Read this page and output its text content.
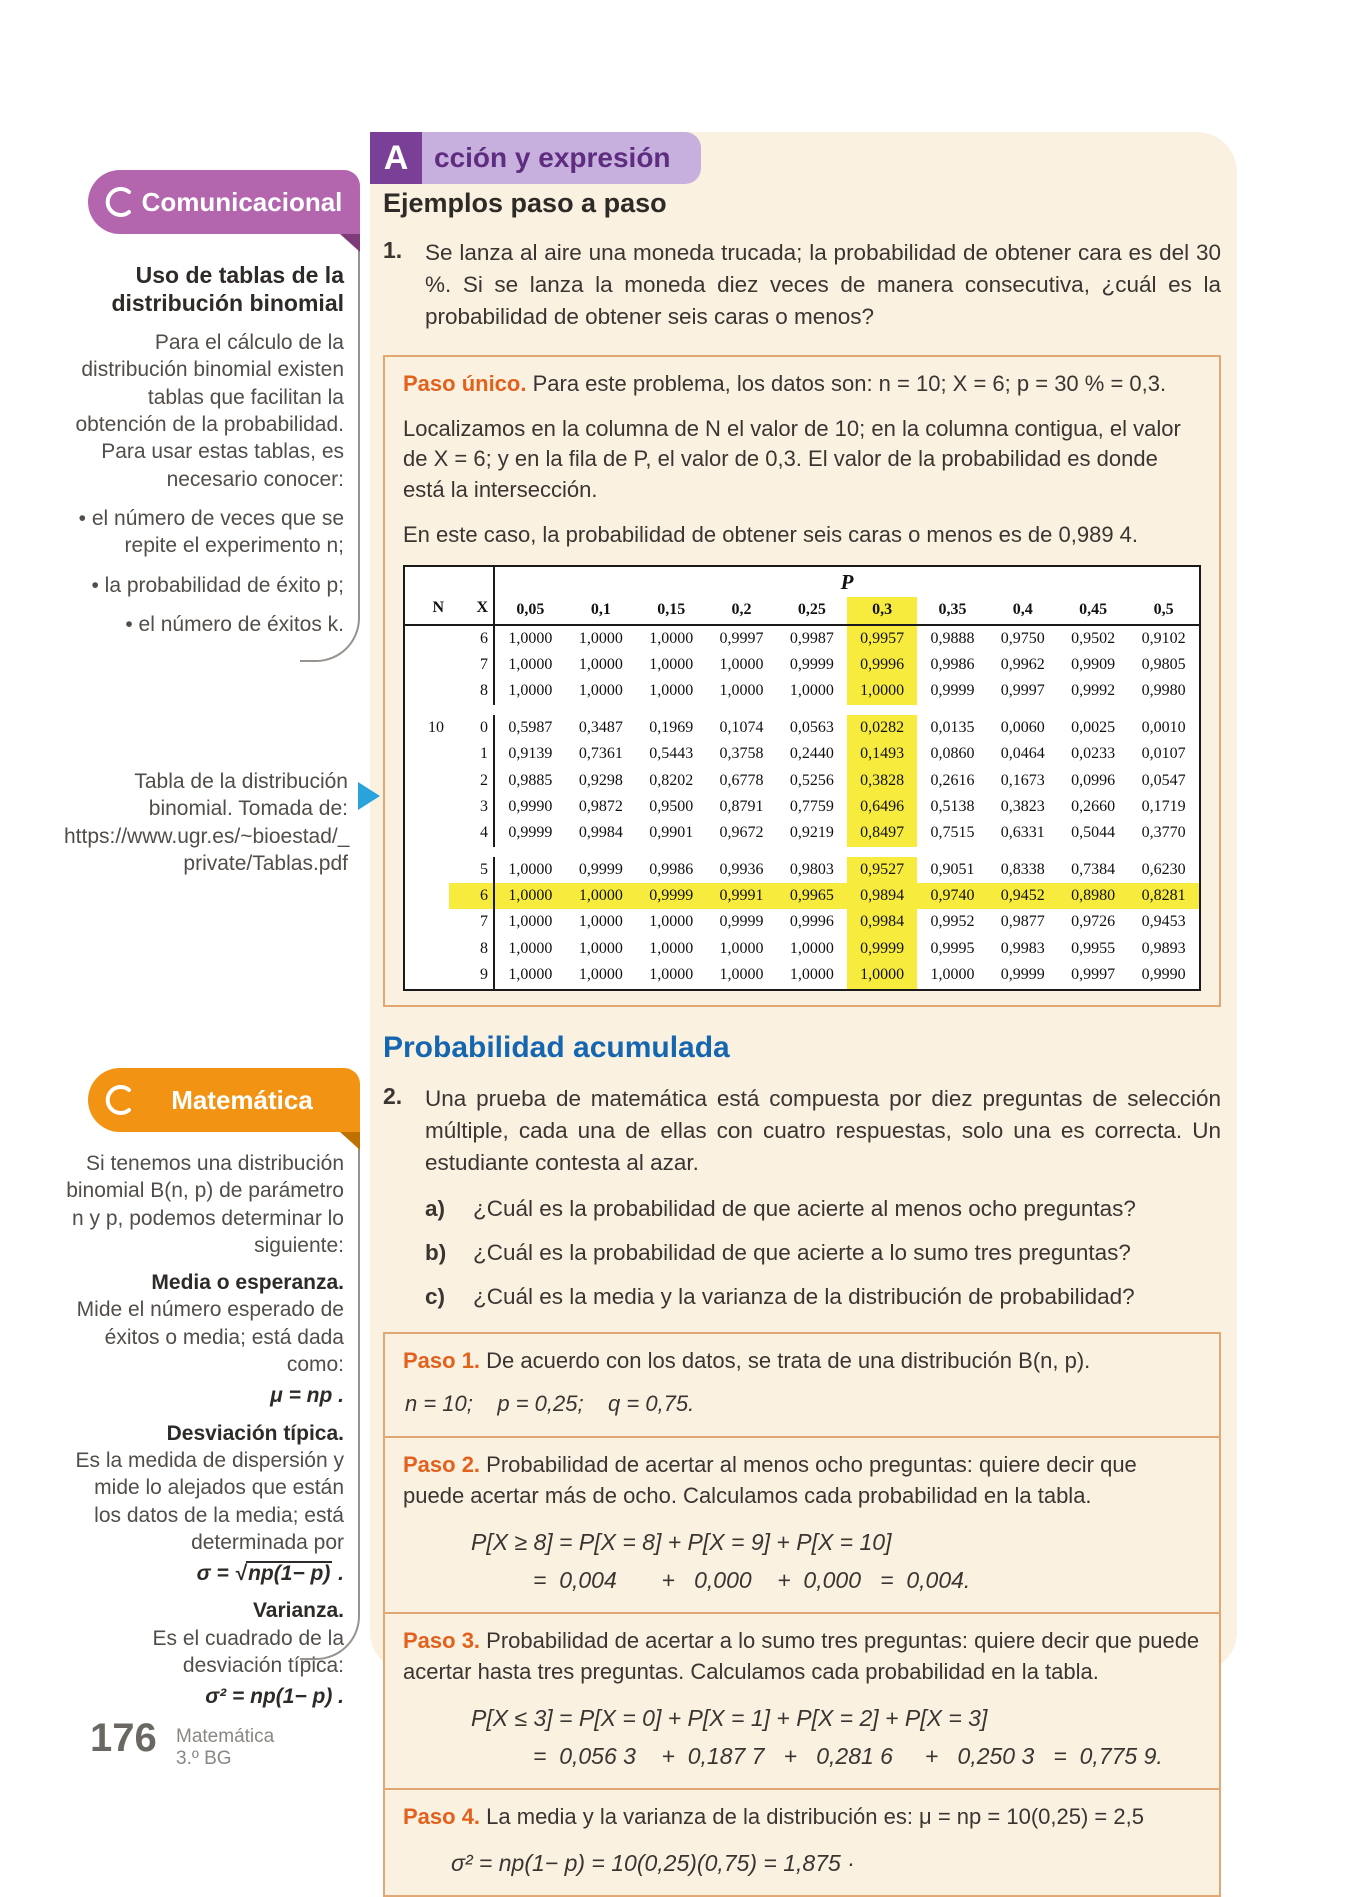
A cción y expresión
Comunicacional
Uso de tablas de la distribución binomial
Para el cálculo de la distribución binomial existen tablas que facilitan la obtención de la probabilidad. Para usar estas tablas, es necesario conocer:
• el número de veces que se repite el experimento n;
• la probabilidad de éxito p;
• el número de éxitos k.
Tabla de la distribución binomial. Tomada de: https://www.ugr.es/~bioestad/_ private/Tablas.pdf
Matemática
Si tenemos una distribución binomial B(n, p) de parámetro n y p, podemos determinar lo siguiente:
Media o esperanza.
Mide el número esperado de éxitos o media; está dada como:
μ = np .
Desviación típica.
Es la medida de dispersión y mide lo alejados que están los datos de la media; está determinada por
σ = √np(1− p) .
Varianza.
Es el cuadrado de la desviación típica:
σ² = np(1− p) .
Ejemplos paso a paso
1.	Se lanza al aire una moneda trucada; la probabilidad de obtener cara es del 30 %. Si se lanza la moneda diez veces de manera consecutiva, ¿cuál es la probabilidad de obtener seis caras o menos?
Paso único. Para este problema, los datos son: n = 10; X = 6; p = 30 % = 0,3.
Localizamos en la columna de N el valor de 10; en la columna contigua, el valor de X = 6; y en la fila de P, el valor de 0,3. El valor de la probabilidad es donde está la intersección.
En este caso, la probabilidad de obtener seis caras o menos es de 0,989 4.
N	X	P									
		0,05	0,1	0,15	0,2	0,25	0,3	0,35	0,4	0,45	0,5
	6	1,0000	1,0000	1,0000	0,9997	0,9987	0,9957	0,9888	0,9750	0,9502	0,9102
	7	1,0000	1,0000	1,0000	1,0000	0,9999	0,9996	0,9986	0,9962	0,9909	0,9805
	8	1,0000	1,0000	1,0000	1,0000	1,0000	1,0000	0,9999	0,9997	0,9992	0,9980

10	0	0,5987	0,3487	0,1969	0,1074	0,0563	0,0282	0,0135	0,0060	0,0025	0,0010
	1	0,9139	0,7361	0,5443	0,3758	0,2440	0,1493	0,0860	0,0464	0,0233	0,0107
	2	0,9885	0,9298	0,8202	0,6778	0,5256	0,3828	0,2616	0,1673	0,0996	0,0547
	3	0,9990	0,9872	0,9500	0,8791	0,7759	0,6496	0,5138	0,3823	0,2660	0,1719
	4	0,9999	0,9984	0,9901	0,9672	0,9219	0,8497	0,7515	0,6331	0,5044	0,3770

	5	1,0000	0,9999	0,9986	0,9936	0,9803	0,9527	0,9051	0,8338	0,7384	0,6230
	6	1,0000	1,0000	0,9999	0,9991	0,9965	0,9894	0,9740	0,9452	0,8980	0,8281
	7	1,0000	1,0000	1,0000	0,9999	0,9996	0,9984	0,9952	0,9877	0,9726	0,9453
	8	1,0000	1,0000	1,0000	1,0000	1,0000	0,9999	0,9995	0,9983	0,9955	0,9893
	9	1,0000	1,0000	1,0000	1,0000	1,0000	1,0000	1,0000	0,9999	0,9997	0,9990
Probabilidad acumulada
2.	Una prueba de matemática está compuesta por diez preguntas de selección múltiple, cada una de ellas con cuatro respuestas, solo una es correcta. Un estudiante contesta al azar.
a)	¿Cuál es la probabilidad de que acierte al menos ocho preguntas?
b)	¿Cuál es la probabilidad de que acierte a lo sumo tres preguntas?
c)	¿Cuál es la media y la varianza de la distribución de probabilidad?
Paso 1. De acuerdo con los datos, se trata de una distribución B(n, p).
n = 10;    p = 0,25;    q = 0,75.
Paso 2. Probabilidad de acertar al menos ocho preguntas: quiere decir que puede acertar más de ocho. Calculamos cada probabilidad en la tabla.
P[X ≥ 8] = P[X = 8] + P[X = 9] + P[X = 10]
=  0,004       +   0,000    +  0,000   =  0,004.
Paso 3. Probabilidad de acertar a lo sumo tres preguntas: quiere decir que puede acertar hasta tres preguntas. Calculamos cada probabilidad en la tabla.
P[X ≤ 3] = P[X = 0] + P[X = 1] + P[X = 2] + P[X = 3]
=  0,056 3    +  0,187 7   +   0,281 6     +   0,250 3   =  0,775 9.
Paso 4. La media y la varianza de la distribución es: μ = np = 10(0,25) = 2,5
σ² = np(1− p) = 10(0,25)(0,75) = 1,875 ·
176 Matemática
3.º BG
